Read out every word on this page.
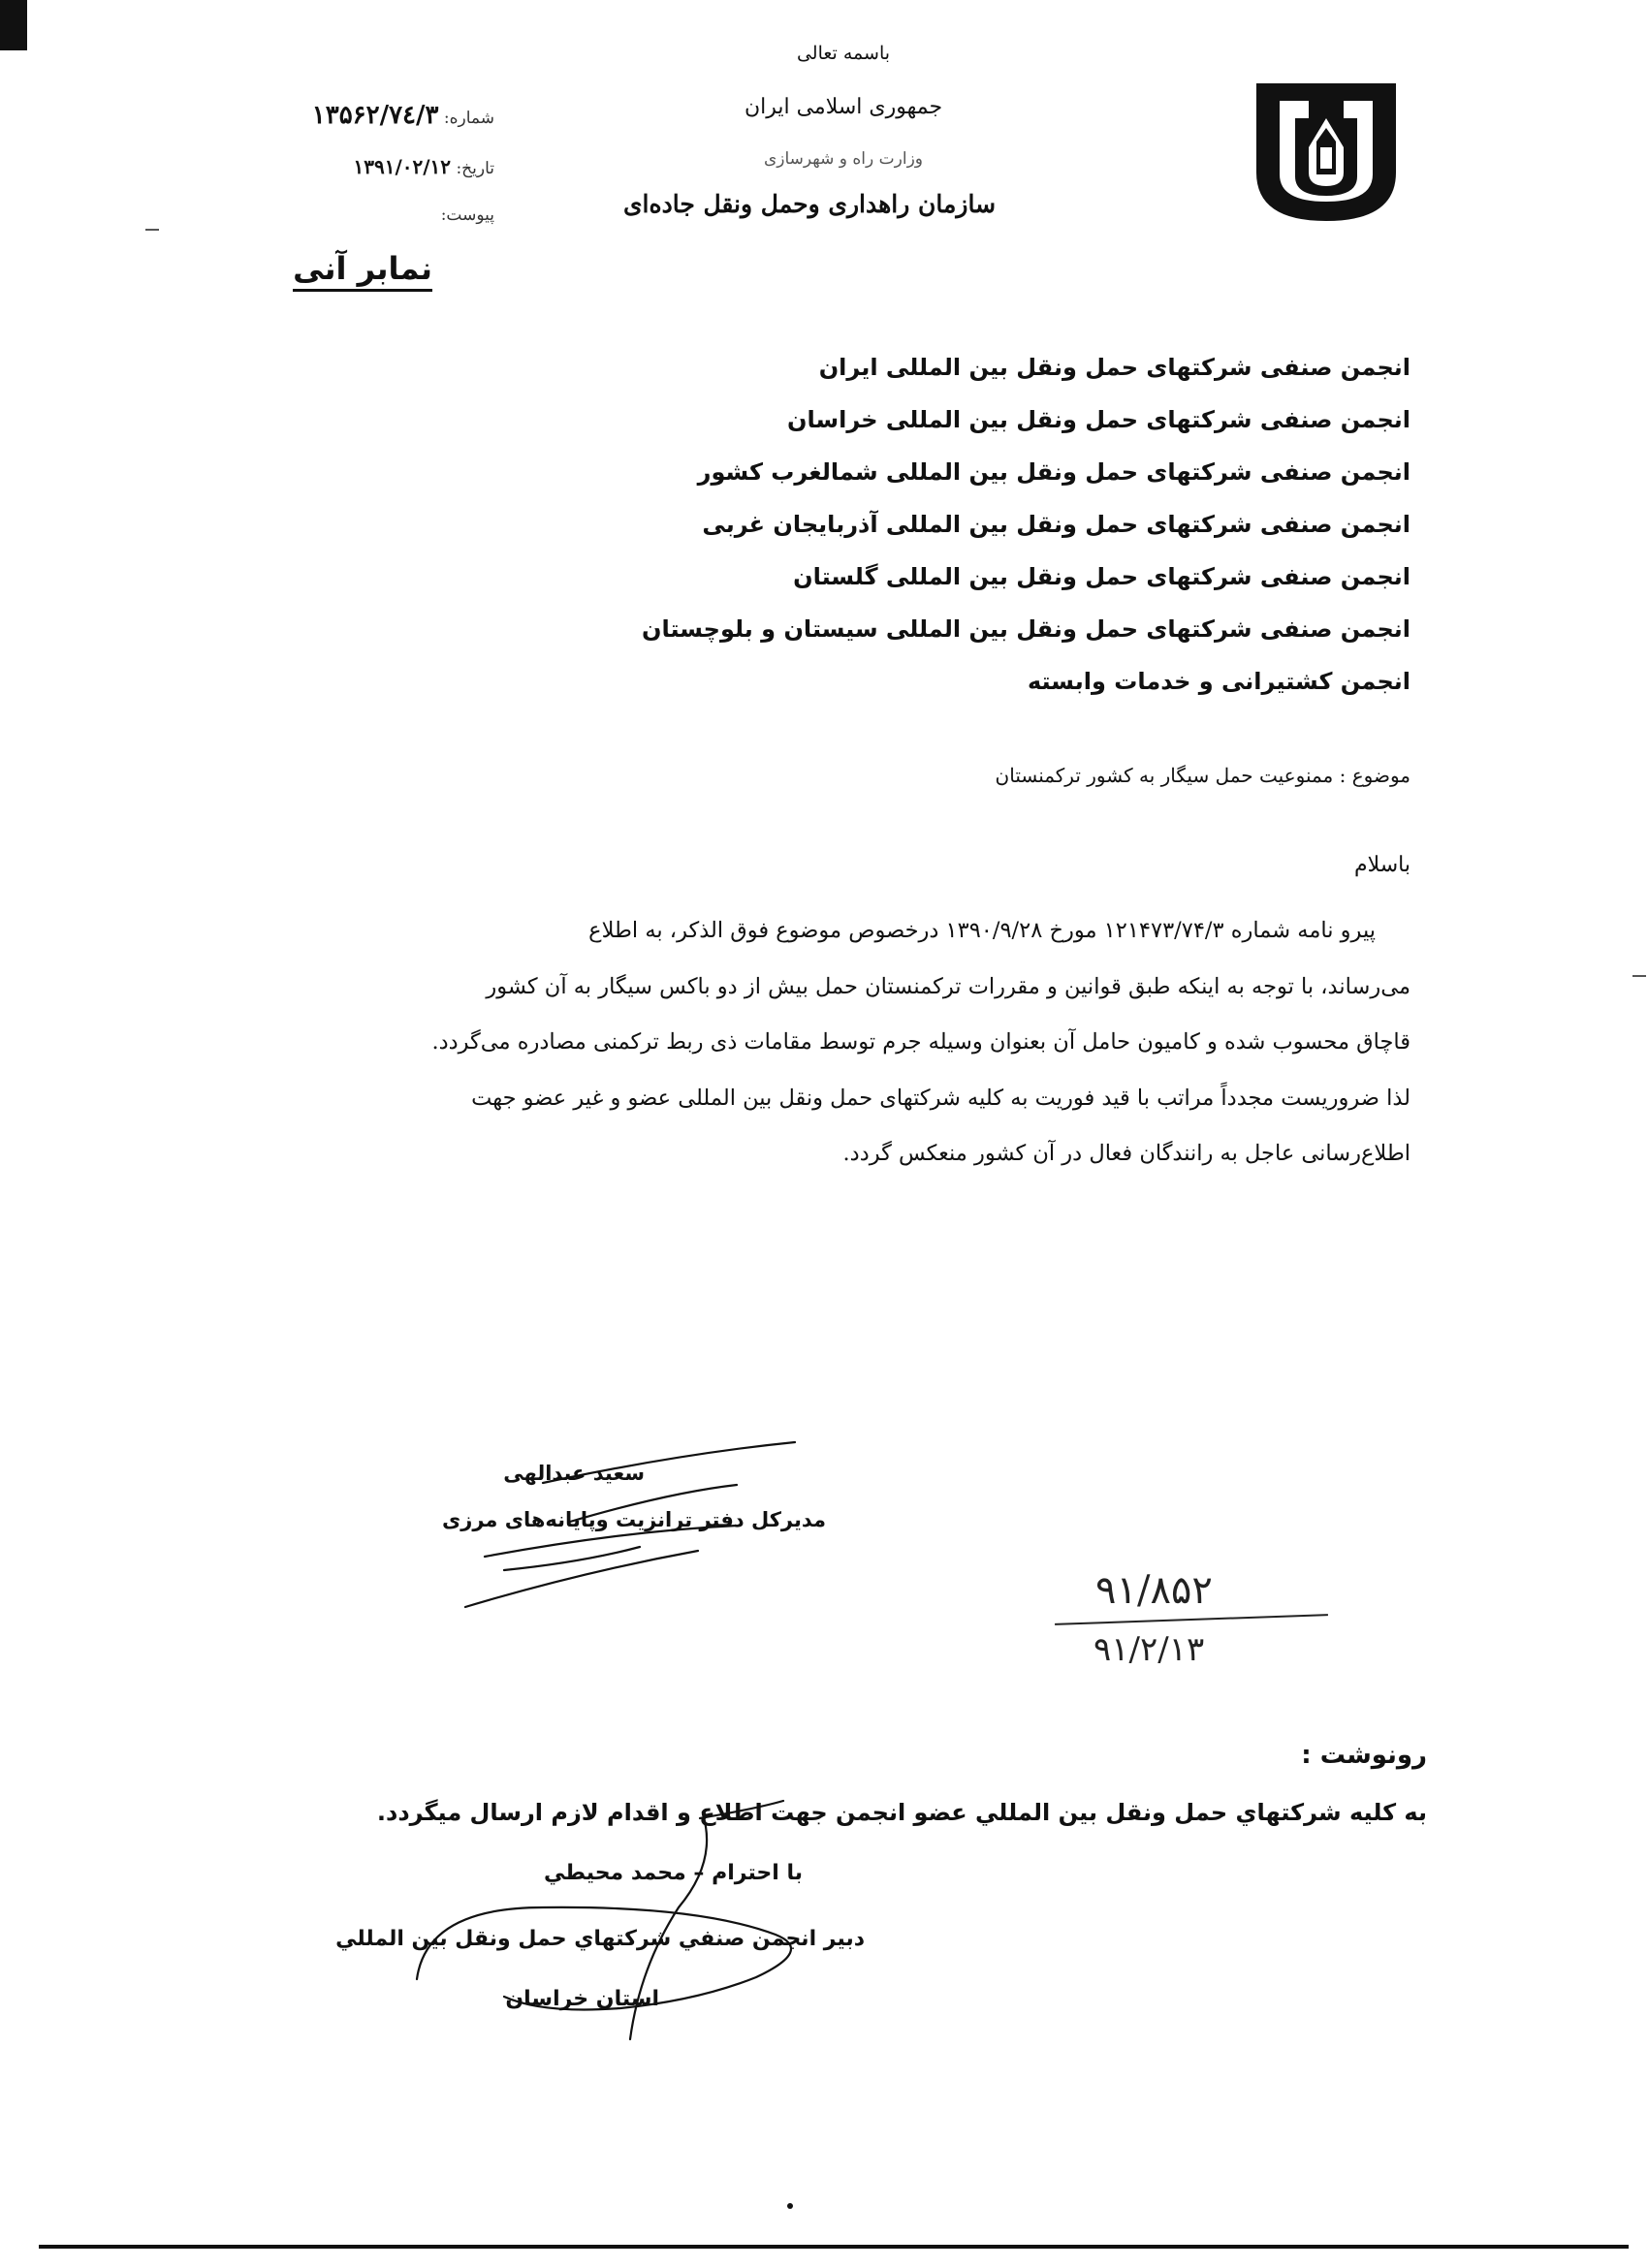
باسمه تعالی
جمهوری اسلامی ایران
وزارت راه و شهرسازی
سازمان راهداری وحمل ونقل جاده‌ای
شماره: ۱۳۵۶۲/۷٤/۳
تاریخ: ۱۳۹۱/۰۲/۱۲
پیوست:
نمابر آنی
انجمن صنفی شرکتهای حمل ونقل بین المللی ایران
انجمن صنفی شرکتهای حمل ونقل بین المللی خراسان
انجمن صنفی شرکتهای حمل ونقل بین المللی شمالغرب کشور
انجمن صنفی شرکتهای حمل ونقل بین المللی آذربایجان غربی
انجمن صنفی شرکتهای حمل ونقل بین المللی گلستان
انجمن صنفی شرکتهای حمل ونقل بین المللی سیستان و بلوچستان
انجمن کشتیرانی و خدمات وابسته
موضوع : ممنوعیت حمل سیگار به کشور ترکمنستان
باسلام
پیرو نامه شماره ۱۲۱۴۷۳/۷۴/۳ مورخ ۱۳۹۰/۹/۲۸ درخصوص موضوع فوق الذکر، به اطلاع
می‌رساند، با توجه به اینکه طبق قوانین و مقررات ترکمنستان حمل بیش از دو باکس سیگار به آن کشور
قاچاق محسوب شده و کامیون حامل آن بعنوان وسیله جرم توسط مقامات ذی ربط ترکمنی مصادره می‌گردد.
لذا ضروریست مجدداً مراتب با قید فوریت به کلیه شرکتهای حمل ونقل بین المللی عضو و غیر عضو جهت
اطلاع‌رسانی عاجل به رانندگان فعال در آن کشور منعکس گردد.
سعید عبدالهی
مدیرکل دفتر ترانزیت وپایانه‌های مرزی
۹۱/۸۵۲
۹۱/۲/۱۳
رونوشت :
به کلیه شرکتهاي حمل ونقل بین المللي عضو انجمن جهت اطلاع و اقدام لازم ارسال میگردد.
با احترام – محمد محیطي
دبیر انجمن صنفي شرکتهاي حمل ونقل بین المللي
استان خراسان
